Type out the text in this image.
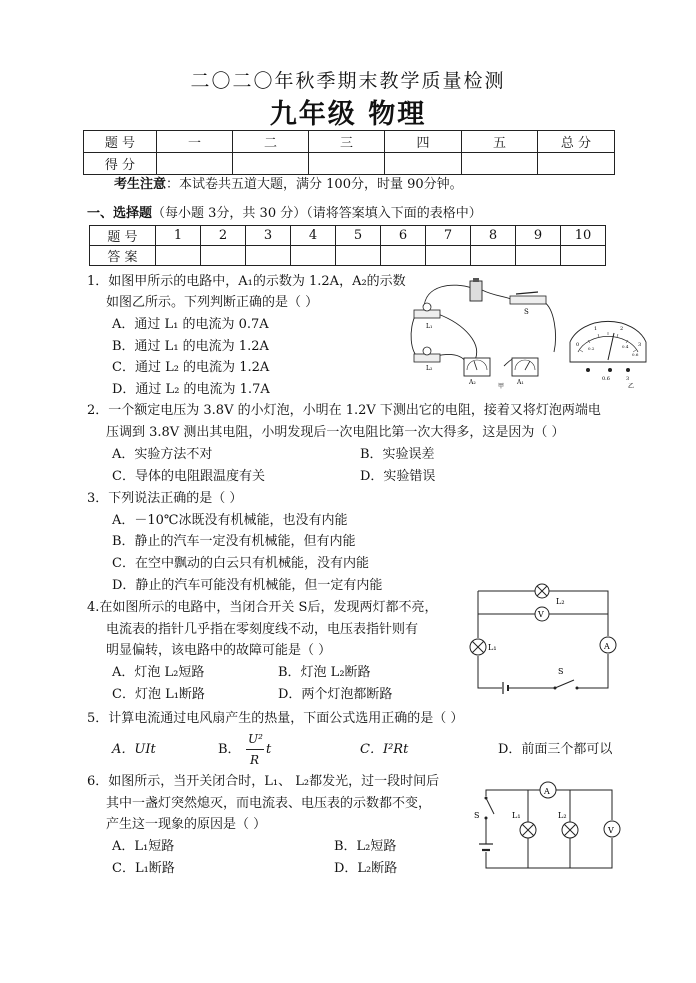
二〇二〇年秋季期末教学质量检测
九年级 物理
题 号	一	二	三	四	五	总 分
得 分						
考生注意：本试卷共五道大题，满分 100分，时量 90分钟。
一、选择题（每小题 3分，共 30 分）（请将答案填入下面的表格中）
题 号	1	2	3	4	5	6	7	8	9	10
答 案										
1．如图甲所示的电路中，A₁的示数为 1.2A，A₂的示数
如图乙所示。下列判断正确的是（ ）
A．通过 L₁ 的电流为 0.7A
B．通过 L₁ 的电流为 1.2A
C．通过 L₂ 的电流为 1.2A
D．通过 L₂ 的电流为 1.7A
S
L₁
L₂
A₂	A₁
甲
0
1	2
3
0.2	0.4
0.6
0.6	3
乙
2．一个额定电压为 3.8V 的小灯泡，小明在 1.2V 下测出它的电阻，接着又将灯泡两端电
压调到 3.8V 测出其电阻，小明发现后一次电阻比第一次大得多，这是因为（ ）
A．实验方法不对	B．实验误差
C．导体的电阻跟温度有关	D．实验错误
3．下列说法正确的是（ ）
A．－10℃冰既没有机械能，也没有内能
B．静止的汽车一定没有机械能，但有内能
C．在空中飘动的白云只有机械能，没有内能
D．静止的汽车可能没有机械能，但一定有内能
4.在如图所示的电路中，当闭合开关 S后，发现两灯都不亮，
电流表的指针几乎指在零刻度线不动，电压表指针则有
明显偏转，该电路中的故障可能是（ ）
A．灯泡 L₂短路	B．灯泡 L₂断路
C．灯泡 L₁断路	D．两个灯泡都断路
L₂
V
L₁	A
S
5．计算电流通过电风扇产生的热量，下面公式选用正确的是（ ）
A．UIt	B．
U²
R
t	C．I²Rt	D．前面三个都可以
6．如图所示，当开关闭合时，L₁、 L₂都发光，过一段时间后
其中一盏灯突然熄灭，而电流表、电压表的示数都不变，
产生这一现象的原因是（ ）
A．L₁短路	B．L₂短路
C．L₁断路	D．L₂断路
S
A
L₁	L₂
V
